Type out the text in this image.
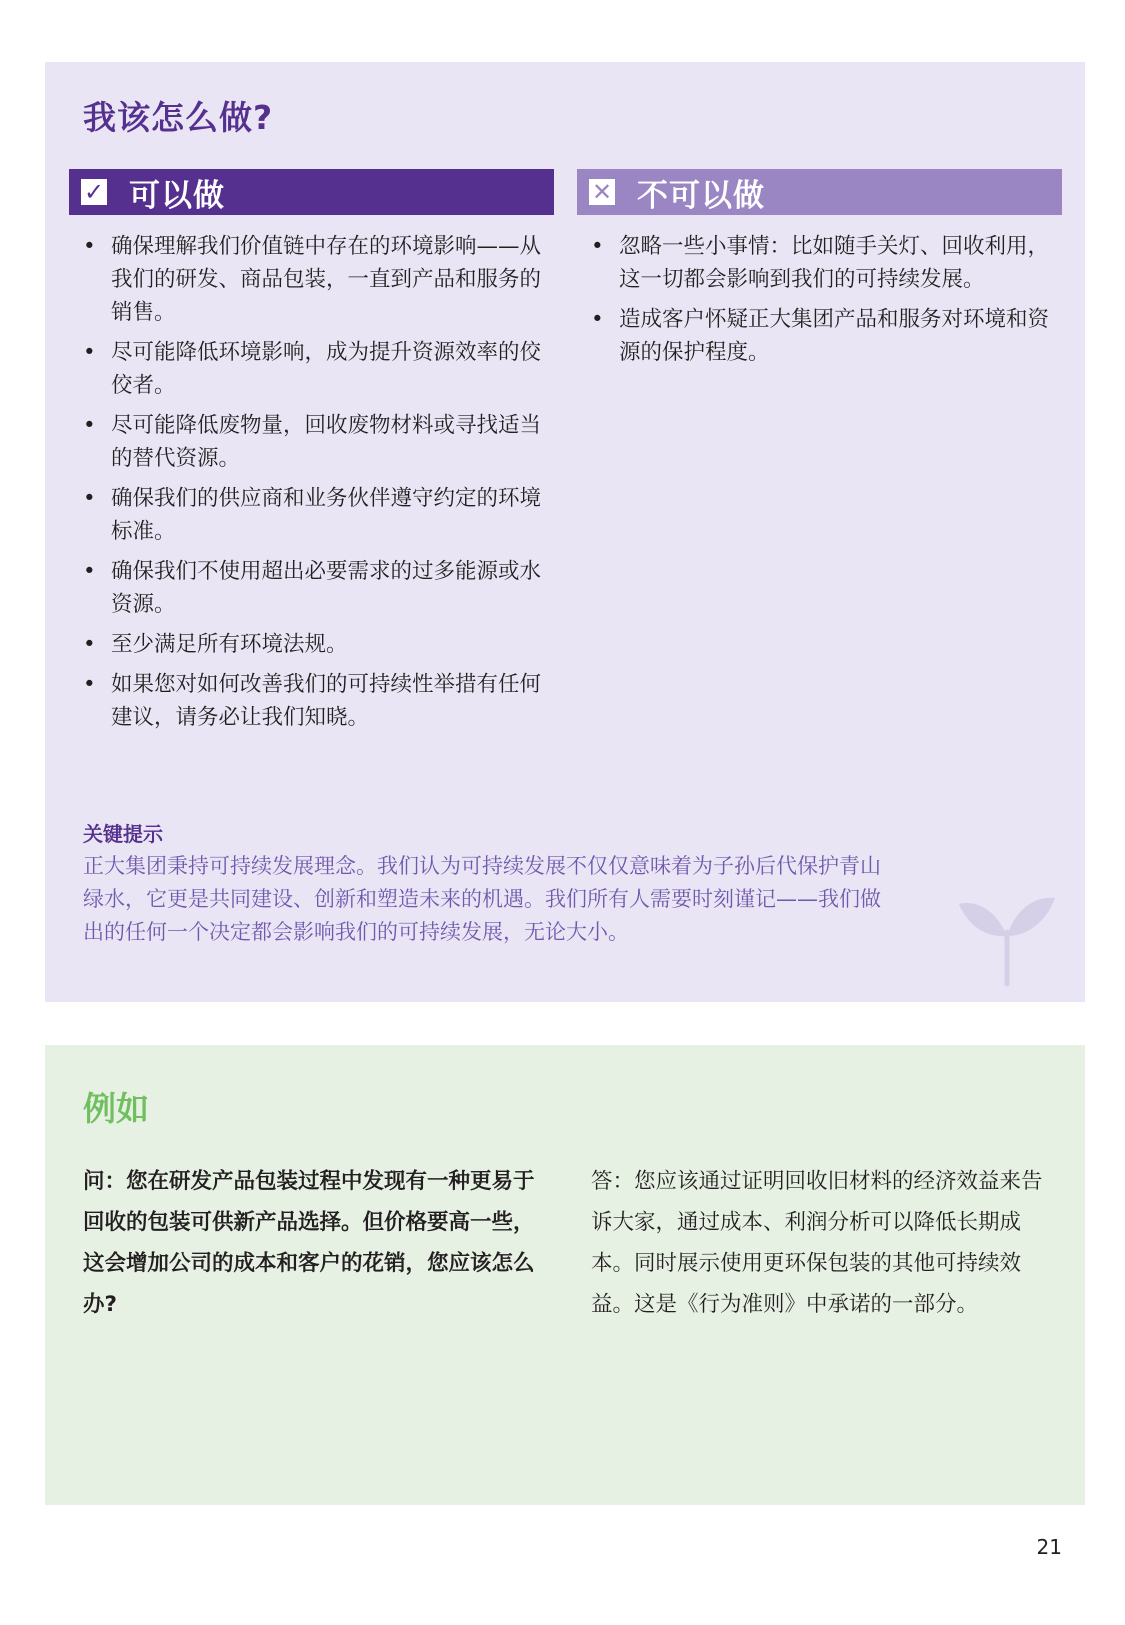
我该怎么做?
✓ 可以做	✕ 不可以做
• 确保理解我们价值链中存在的环境影响——从我们的研发、商品包装，一直到产品和服务的销售。
• 尽可能降低环境影响，成为提升资源效率的佼佼者。
• 尽可能降低废物量，回收废物材料或寻找适当的替代资源。
• 确保我们的供应商和业务伙伴遵守约定的环境标准。
• 确保我们不使用超出必要需求的过多能源或水资源。
• 至少满足所有环境法规。
• 如果您对如何改善我们的可持续性举措有任何建议，请务必让我们知晓。
• 忽略一些小事情：比如随手关灯、回收利用，这一切都会影响到我们的可持续发展。
• 造成客户怀疑正大集团产品和服务对环境和资源的保护程度。
关键提示

正大集团秉持可持续发展理念。我们认为可持续发展不仅仅意味着为子孙后代保护青山绿水，它更是共同建设、创新和塑造未来的机遇。我们所有人需要时刻谨记——我们做出的任何一个决定都会影响我们的可持续发展，无论大小。

例如

问：您在研发产品包装过程中发现有一种更易于回收的包装可供新产品选择。但价格要高一些，这会增加公司的成本和客户的花销，您应该怎么办?

答：您应该通过证明回收旧材料的经济效益来告诉大家，通过成本、利润分析可以降低长期成本。同时展示使用更环保包装的其他可持续效益。这是《行为准则》中承诺的一部分。

21
